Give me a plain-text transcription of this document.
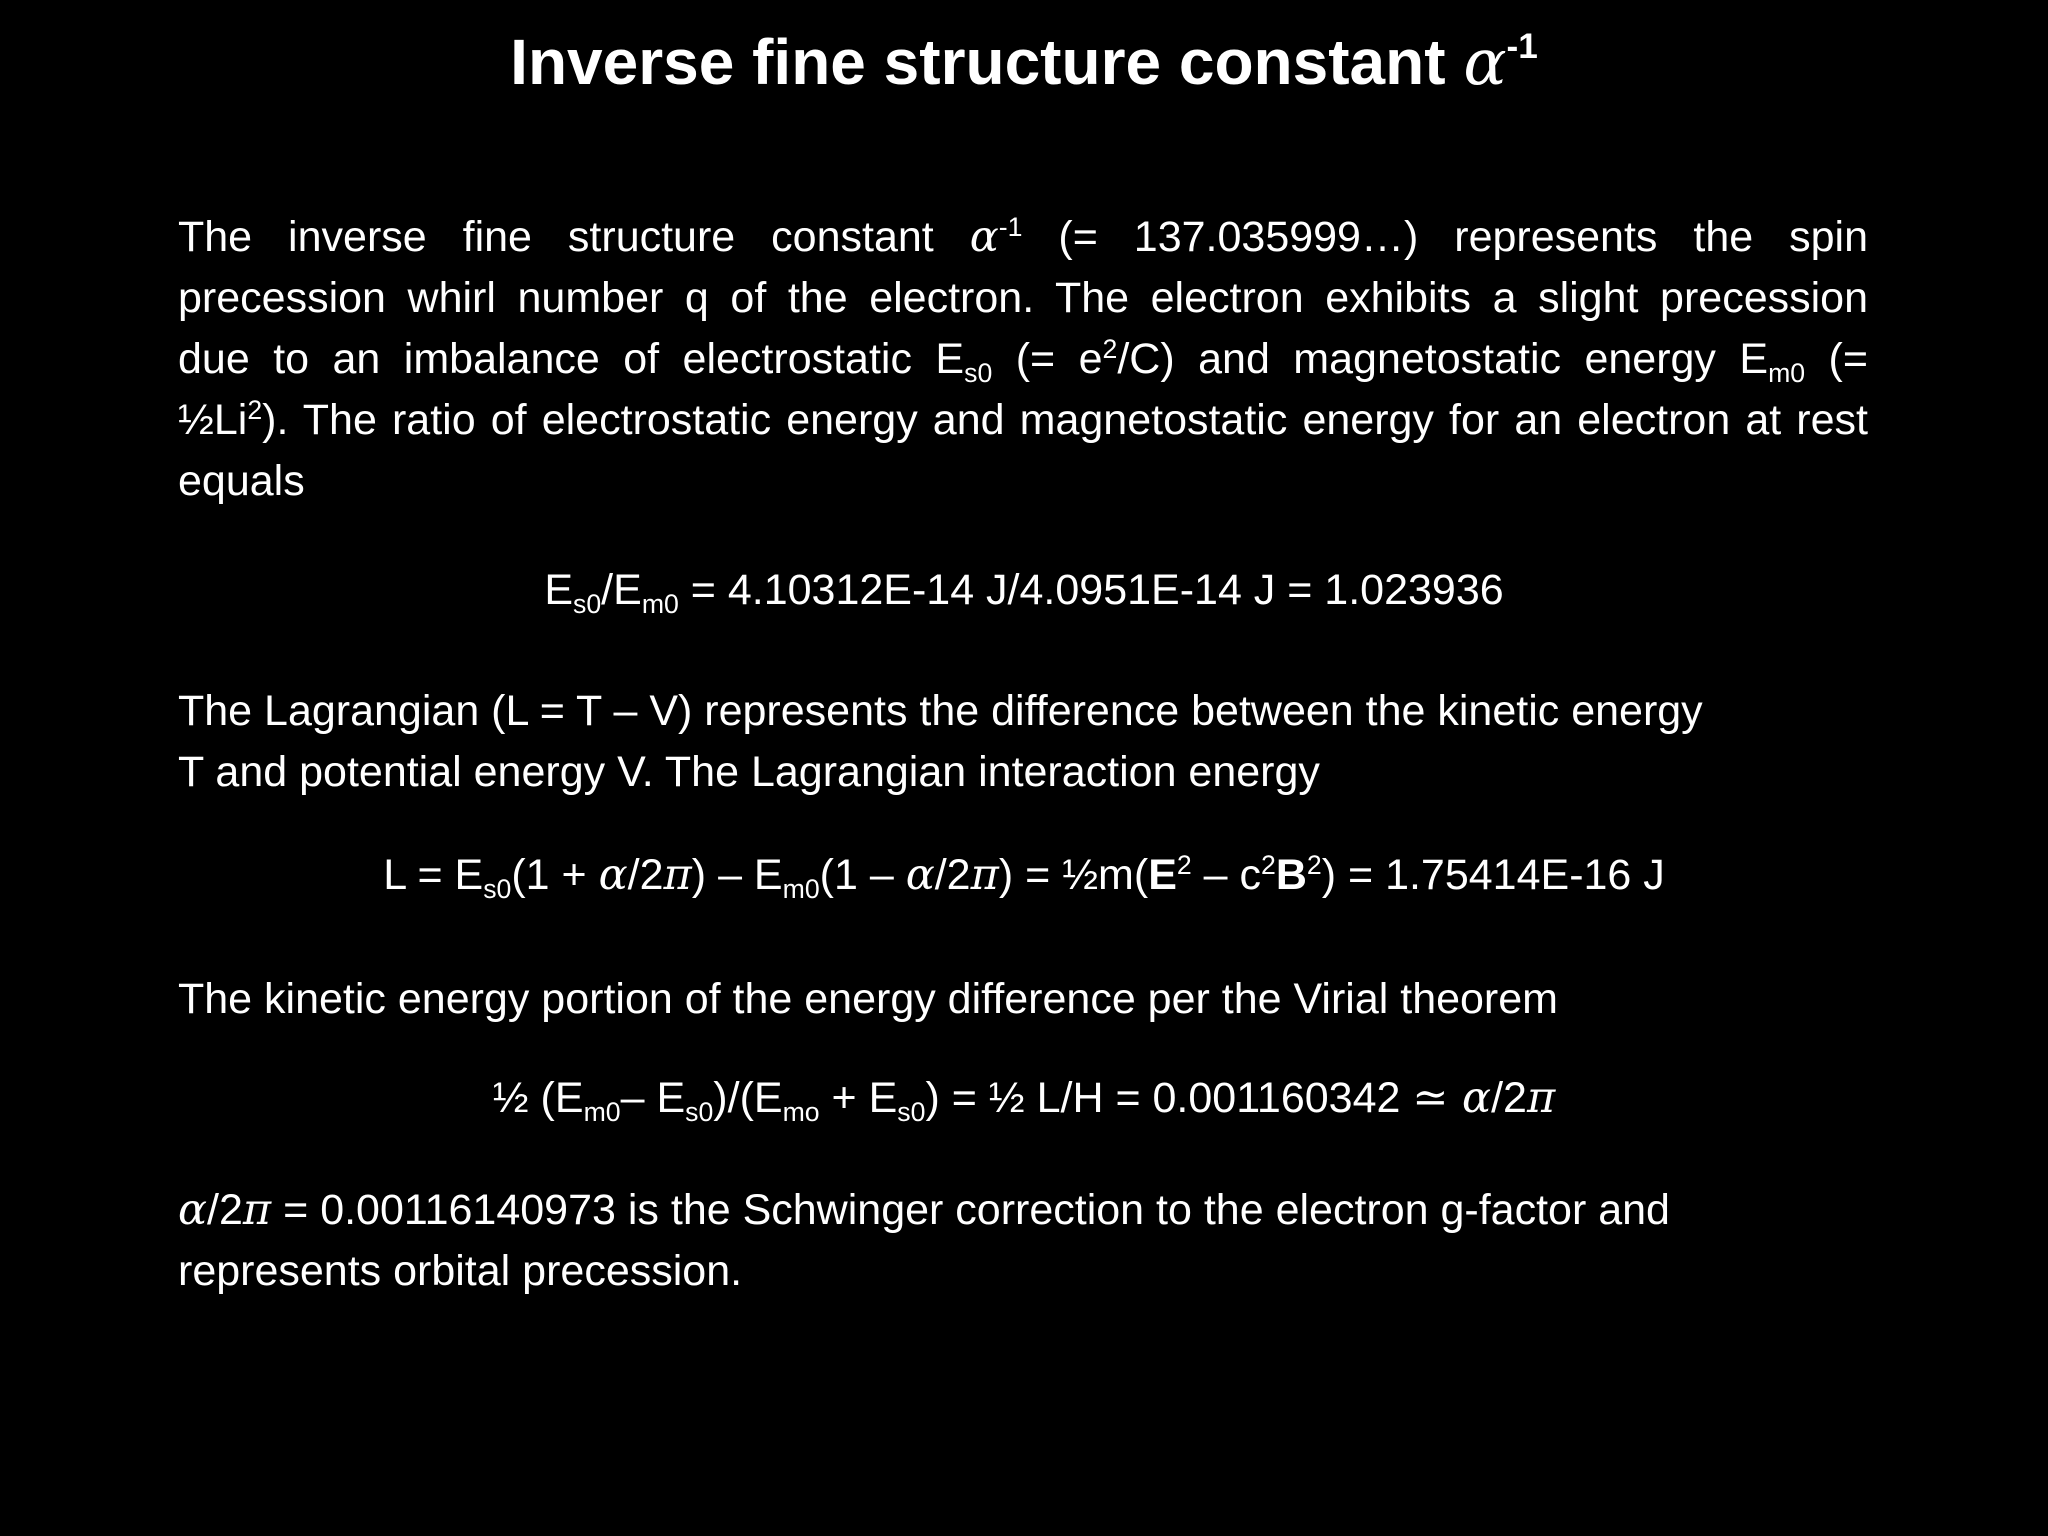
Inverse fine structure constant $\alpha^{-1}$

The inverse fine structure constant $\alpha^{-1}$ (= 137.035999…) represents the spin precession whirl number q of the electron. The electron exhibits a slight precession due to an imbalance of electrostatic $E_{s0}$ (= $e^2/C$) and magnetostatic energy $E_{m0}$ (= $\frac{1}{2}Li^2$). The ratio of electrostatic energy and magnetostatic energy for an electron at rest equals

$E_{s0}/E_{m0} = 4.10312E-14$ J/4.0951E-14 J = 1.023936

The Lagrangian (L = T – V) represents the difference between the kinetic energy
T and potential energy V. The Lagrangian interaction energy

$L = E_{s0}(1 + \alpha/2\pi) - E_{m0}(1 - \alpha/2\pi)$ = $\frac{1}{2}m(E^2 - c^2B^2) = 1.75414E-16$ J

The kinetic energy portion of the energy difference per the Virial theorem

½ ($E_{m0}-$ $E_{s0})/(E_{mo} + E_{s0})$ = ½ L/H = 0.001160342 ≃ α/2π

α/2π = 0.00116140973 is the Schwinger correction to the electron g-factor and
represents orbital precession.
